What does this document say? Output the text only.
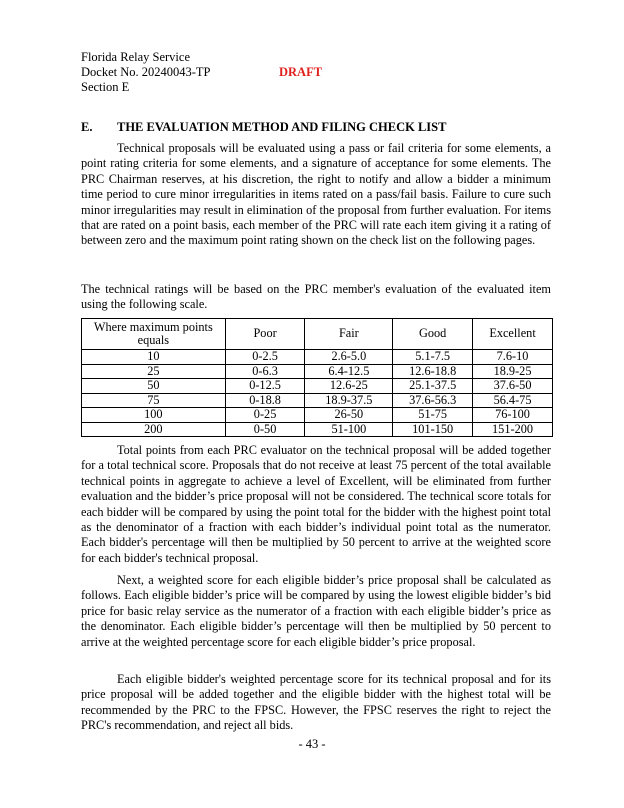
Florida Relay Service
Docket No. 20240043-TP
Section E
DRAFT
E. THE EVALUATION METHOD AND FILING CHECK LIST

Technical proposals will be evaluated using a pass or fail criteria for some elements, a point rating criteria for some elements, and a signature of acceptance for some elements. The PRC Chairman reserves, at his discretion, the right to notify and allow a bidder a minimum time period to cure minor irregularities in items rated on a pass/fail basis. Failure to cure such minor irregularities may result in elimination of the proposal from further evaluation. For items that are rated on a point basis, each member of the PRC will rate each item giving it a rating of between zero and the maximum point rating shown on the check list on the following pages.

The technical ratings will be based on the PRC member's evaluation of the evaluated item using the following scale.

Where maximum points equals	Poor	Fair	Good	Excellent
10	0-2.5	2.6-5.0	5.1-7.5	7.6-10
25	0-6.3	6.4-12.5	12.6-18.8	18.9-25
50	0-12.5	12.6-25	25.1-37.5	37.6-50
75	0-18.8	18.9-37.5	37.6-56.3	56.4-75
100	0-25	26-50	51-75	76-100
200	0-50	51-100	101-150	151-200

Total points from each PRC evaluator on the technical proposal will be added together for a total technical score. Proposals that do not receive at least 75 percent of the total available technical points in aggregate to achieve a level of Excellent, will be eliminated from further evaluation and the bidder’s price proposal will not be considered. The technical score totals for each bidder will be compared by using the point total for the bidder with the highest point total as the denominator of a fraction with each bidder’s individual point total as the numerator. Each bidder's percentage will then be multiplied by 50 percent to arrive at the weighted score for each bidder's technical proposal.

Next, a weighted score for each eligible bidder’s price proposal shall be calculated as follows. Each eligible bidder’s price will be compared by using the lowest eligible bidder’s bid price for basic relay service as the numerator of a fraction with each eligible bidder’s price as the denominator. Each eligible bidder’s percentage will then be multiplied by 50 percent to arrive at the weighted percentage score for each eligible bidder’s price proposal.

Each eligible bidder's weighted percentage score for its technical proposal and for its price proposal will be added together and the eligible bidder with the highest total will be recommended by the PRC to the FPSC. However, the FPSC reserves the right to reject the PRC's recommendation, and reject all bids.

- 43 -
